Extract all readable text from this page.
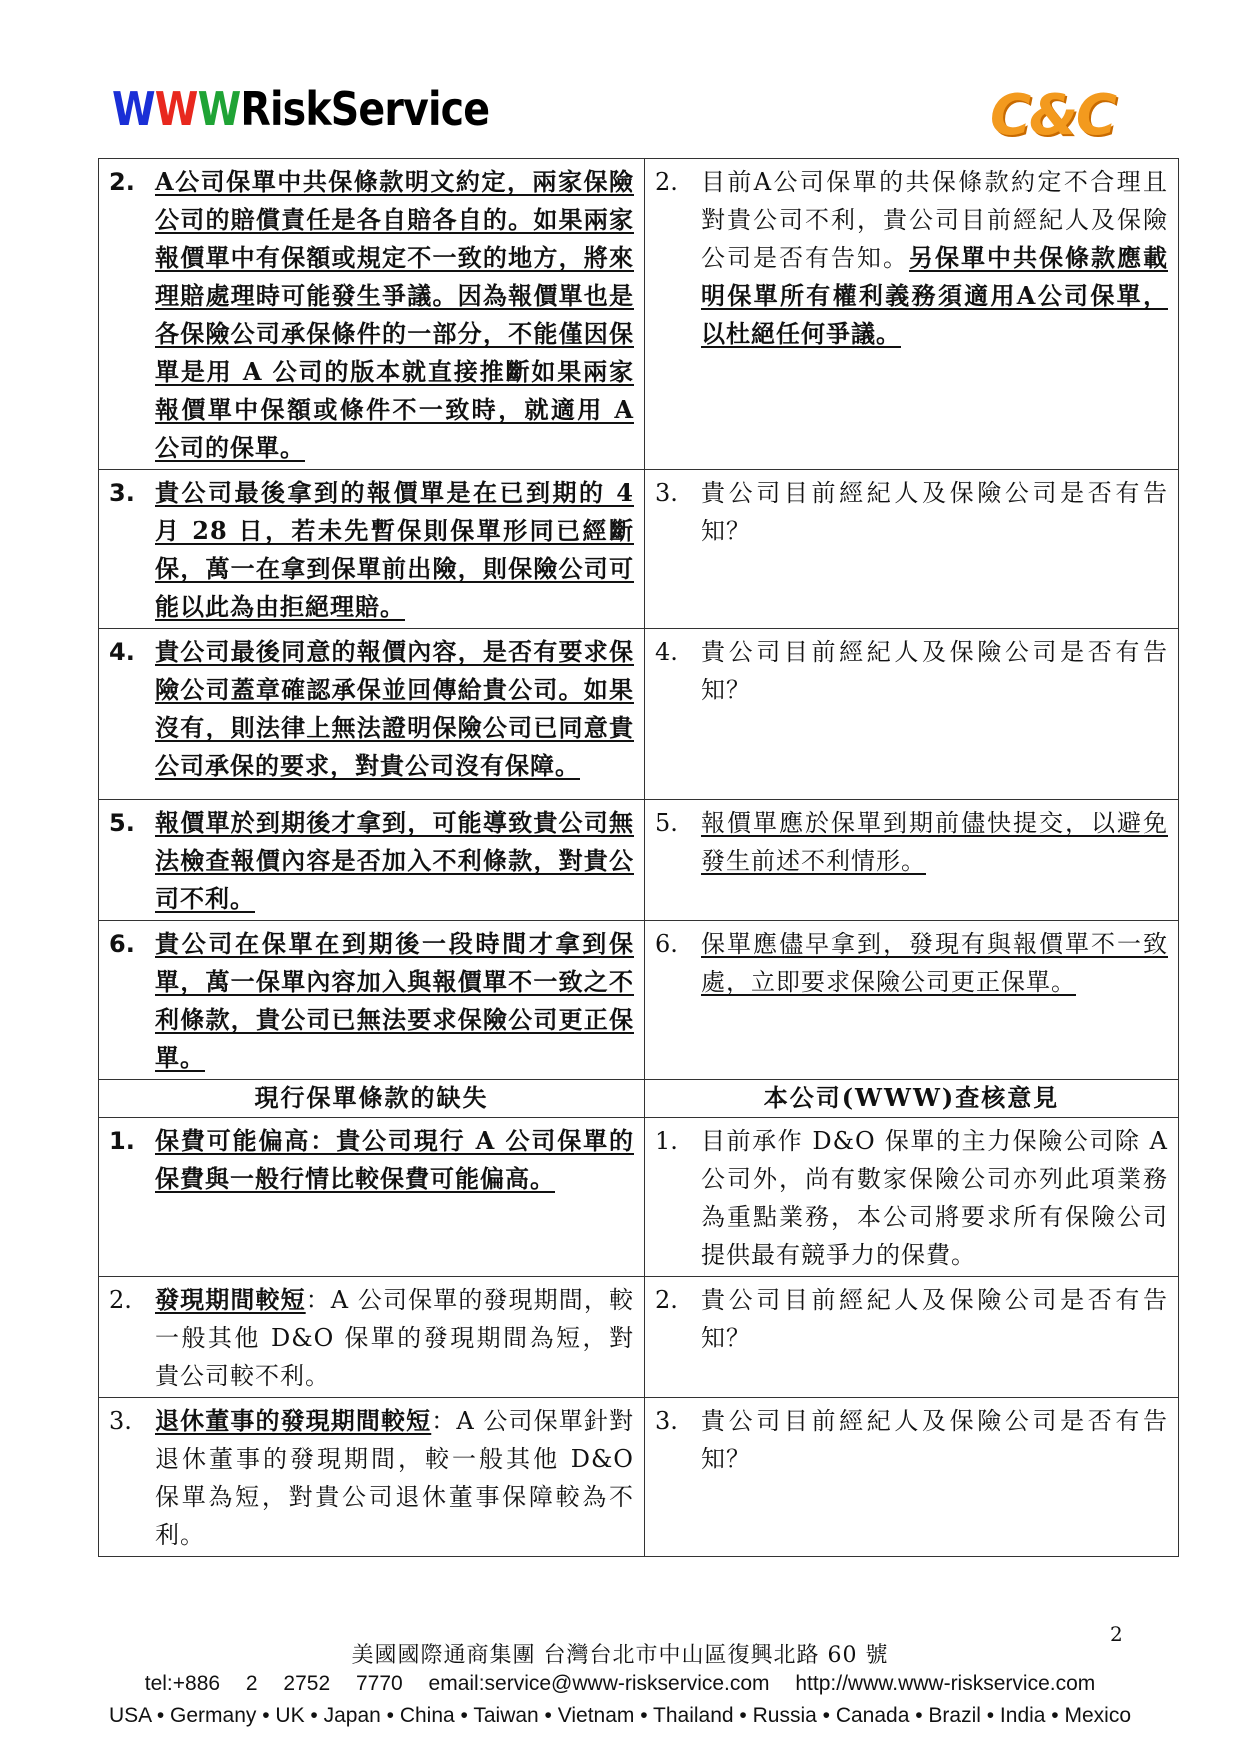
WWWRiskService	C&C
2. A公司保單中共保條款明文約定，兩家保險公司的賠償責任是各自賠各自的。如果兩家報價單中有保額或規定不一致的地方，將來理賠處理時可能發生爭議。因為報價單也是各保險公司承保條件的一部分，不能僅因保單是用 A 公司的版本就直接推斷如果兩家報價單中保額或條件不一致時，就適用 A 公司的保單。	2. 目前A公司保單的共保條款約定不合理且對貴公司不利，貴公司目前經紀人及保險公司是否有告知。另保單中共保條款應載明保單所有權利義務須適用A公司保單，以杜絕任何爭議。

3. 貴公司最後拿到的報價單是在已到期的 4 月 28 日，若未先暫保則保單形同已經斷保，萬一在拿到保單前出險，則保險公司可能以此為由拒絕理賠。	3. 貴公司目前經紀人及保險公司是否有告知？

4. 貴公司最後同意的報價內容，是否有要求保險公司蓋章確認承保並回傳給貴公司。如果沒有，則法律上無法證明保險公司已同意貴公司承保的要求，對貴公司沒有保障。	4. 貴公司目前經紀人及保險公司是否有告知？

5. 報價單於到期後才拿到，可能導致貴公司無法檢查報價內容是否加入不利條款，對貴公司不利。	5. 報價單應於保單到期前儘快提交，以避免發生前述不利情形。

6. 貴公司在保單在到期後一段時間才拿到保單，萬一保單內容加入與報價單不一致之不利條款，貴公司已無法要求保險公司更正保單。	6. 保單應儘早拿到，發現有與報價單不一致處，立即要求保險公司更正保單。

現行保單條款的缺失	本公司(WWW)查核意見

1. 保費可能偏高：貴公司現行 A 公司保單的保費與一般行情比較保費可能偏高。	1. 目前承作 D&O 保單的主力保險公司除 A 公司外，尚有數家保險公司亦列此項業務為重點業務，本公司將要求所有保險公司提供最有競爭力的保費。

2. 發現期間較短：A 公司保單的發現期間，較一般其他 D&O 保單的發現期間為短，對貴公司較不利。	2. 貴公司目前經紀人及保險公司是否有告知？

3. 退休董事的發現期間較短：A 公司保單針對退休董事的發現期間，較一般其他 D&O 保單為短，對貴公司退休董事保障較為不利。	3. 貴公司目前經紀人及保險公司是否有告知？
2
美國國際通商集團 台灣台北市中山區復興北路 60 號
tel:+886 2 2752 7770 email:service@www-riskservice.com http://www.www-riskservice.com
USA • Germany • UK • Japan • China • Taiwan • Vietnam • Thailand • Russia • Canada • Brazil • India • Mexico
